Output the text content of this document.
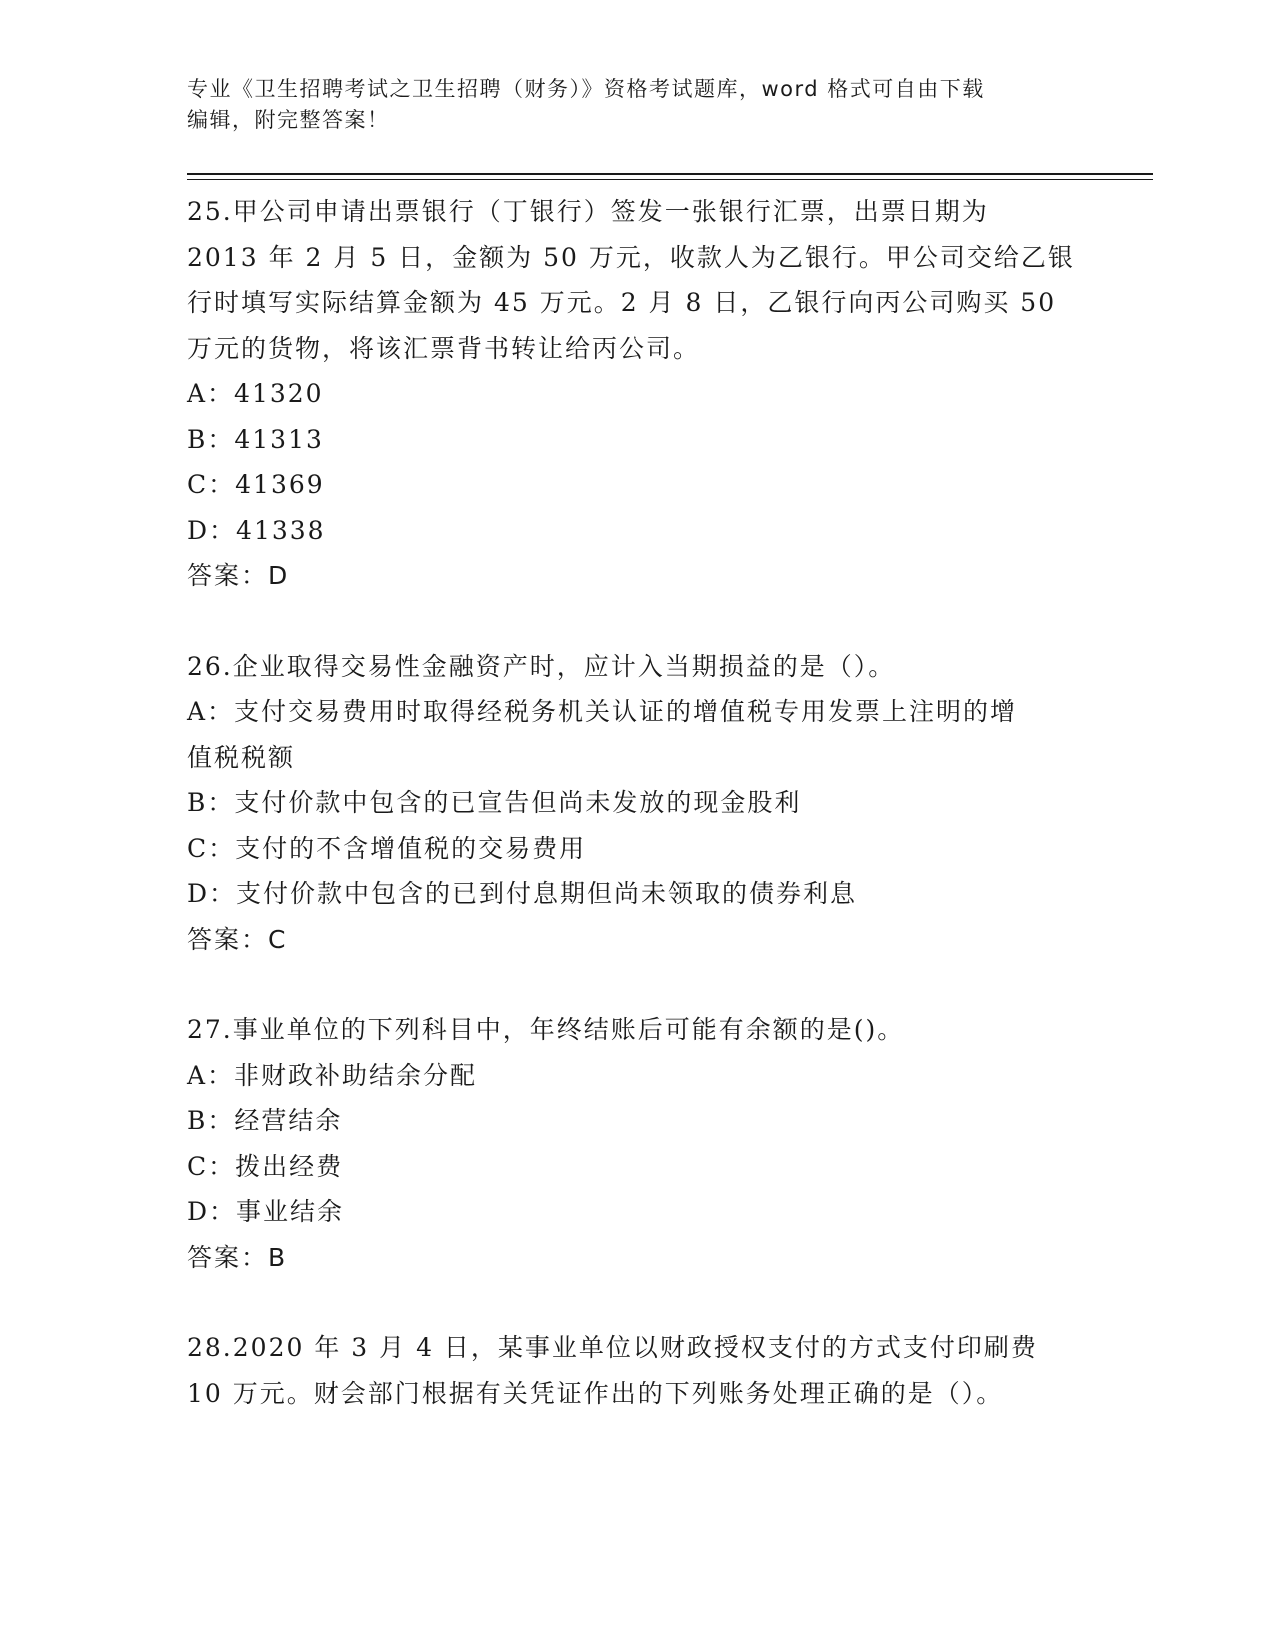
专业《卫生招聘考试之卫生招聘（财务）》资格考试题库，word 格式可自由下载

编辑，附完整答案！

25.甲公司申请出票银行（丁银行）签发一张银行汇票，出票日期为
2013 年 2 月 5 日，金额为 50 万元，收款人为乙银行。甲公司交给乙银
行时填写实际结算金额为 45 万元。2 月 8 日，乙银行向丙公司购买 50
万元的货物，将该汇票背书转让给丙公司。
A：41320
B：41313
C：41369
D：41338
答案：D
26.企业取得交易性金融资产时，应计入当期损益的是（）。
A：支付交易费用时取得经税务机关认证的增值税专用发票上注明的增
值税税额
B：支付价款中包含的已宣告但尚未发放的现金股利
C：支付的不含增值税的交易费用
D：支付价款中包含的已到付息期但尚未领取的债券利息
答案：C
27.事业单位的下列科目中，年终结账后可能有余额的是()。
A：非财政补助结余分配
B：经营结余
C：拨出经费
D：事业结余
答案：B
28.2020 年 3 月 4 日，某事业单位以财政授权支付的方式支付印刷费
10 万元。财会部门根据有关凭证作出的下列账务处理正确的是（）。
